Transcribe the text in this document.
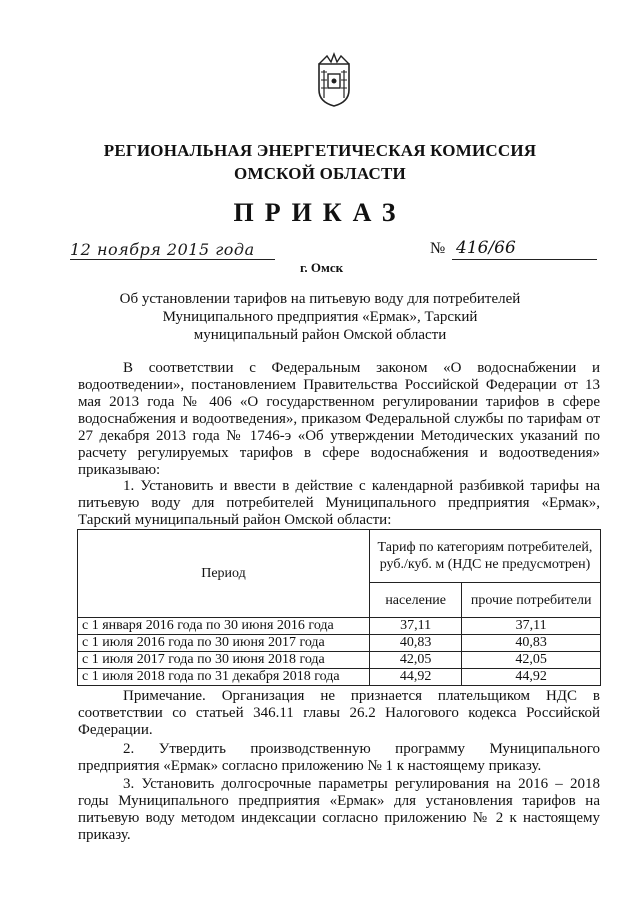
РЕГИОНАЛЬНАЯ ЭНЕРГЕТИЧЕСКАЯ КОМИССИЯ
ОМСКОЙ ОБЛАСТИ
ПРИКАЗ
12 ноября 2015 года	№ 416/66
г. Омск
Об установлении тарифов на питьевую воду для потребителей
Муниципального предприятия «Ермак», Тарский
муниципальный район Омской области
В соответствии с Федеральным законом «О водоснабжении и водоотведении», постановлением Правительства Российской Федерации от 13 мая 2013 года № 406 «О государственном регулировании тарифов в сфере водоснабжения и водоотведения», приказом Федеральной службы по тарифам от 27 декабря 2013 года № 1746-э «Об утверждении Методических указаний по расчету регулируемых тарифов в сфере водоснабжения и водоотведения» приказываю:
1. Установить и ввести в действие с календарной разбивкой тарифы на питьевую воду для потребителей Муниципального предприятия «Ермак», Тарский муниципальный район Омской области:
Период	Тариф по категориям потребителей, руб./куб. м (НДС не предусмотрен)	
	население	прочие потребители
с 1 января 2016 года по 30 июня 2016 года	37,11	37,11
с 1 июля 2016 года по 30 июня 2017 года	40,83	40,83
с 1 июля 2017 года по 30 июня 2018 года	42,05	42,05
с 1 июля 2018 года по 31 декабря 2018 года	44,92	44,92
Примечание. Организация не признается плательщиком НДС в соответствии со статьей 346.11 главы 26.2 Налогового кодекса Российской Федерации.
2. Утвердить производственную программу Муниципального предприятия «Ермак» согласно приложению № 1 к настоящему приказу.
3. Установить долгосрочные параметры регулирования на 2016 – 2018 годы Муниципального предприятия «Ермак» для установления тарифов на питьевую воду методом индексации согласно приложению № 2 к настоящему приказу.
